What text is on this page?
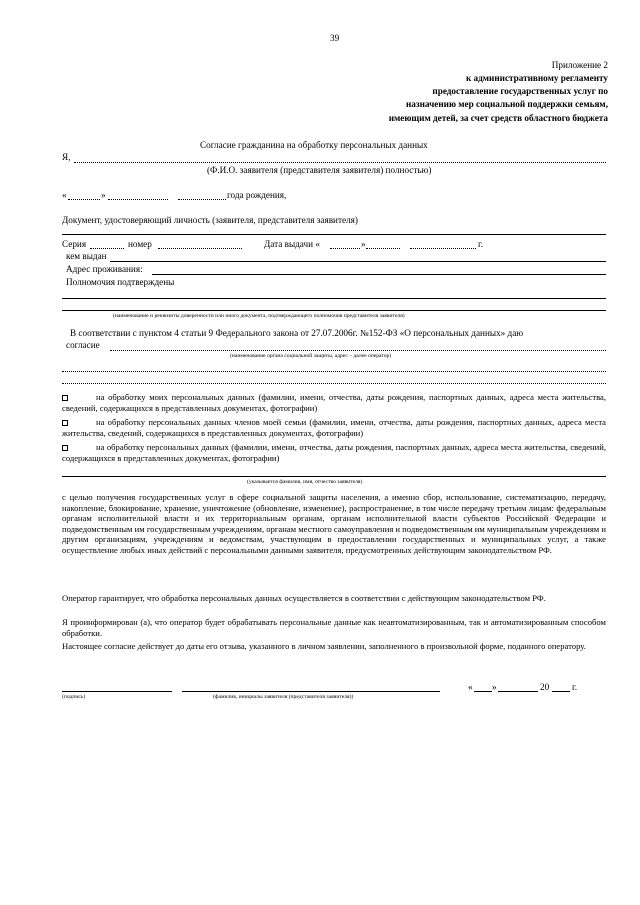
39
Приложение 2
к административному регламенту
предоставление государственных услуг по
назначению мер социальной поддержки семьям,
имеющим детей, за счет средств областного бюджета
Согласие гражданина на обработку персональных данных
Я,
(Ф.И.О. заявителя (представителя заявителя) полностью)
«	»	года рождения,
Документ, удостоверяющий личность (заявителя, представителя заявителя)
Серия	номер	Дата выдачи «	»	г.
кем выдан
Адрес проживания:
Полномочия подтверждены
(наименование и реквизиты доверенности или иного документа, подтверждающего полномочия представителя заявителя)
В соответствии с пунктом 4 статьи 9 Федерального закона от 27.07.2006г. №152-ФЗ «О персональных данных» даю
согласие
(наименование органа социальной защиты, адрес – далее оператор)
на обработку моих персональных данных (фамилии, имени, отчества, даты рождения, паспортных данных, адреса места жительства, сведений, содержащихся в представленных документах, фотографии)
на обработку персональных данных членов моей семьи (фамилии, имени, отчества, даты рождения, паспортных данных, адреса места жительства, сведений, содержащихся в представленных документах, фотографии)
на обработку персональных данных (фамилии, имени, отчества, даты рождения, паспортных данных, адреса места жительства, сведений, содержащихся в представленных документах, фотографии)
(указывается фамилия, имя, отчество заявителя)
с целью получения государственных услуг в сфере социальной защиты населения, а именно сбор, использование, систематизацию, передачу, накопление, блокирование, хранение, уничтожение (обновление, изменение), распространение, в том числе передачу третьим лицам: федеральным органам исполнительной власти и их территориальным органам, органам исполнительной власти субъектов Российской Федерации и подведомственным им государственным учреждениям, органам местного самоуправления и подведомственным им муниципальным учреждениям и другим организациям, учреждениям и ведомствам, участвующим в предоставлении государственных и муниципальных услуг, а также осуществление любых иных действий с персональными данными заявителя, предусмотренных действующим законодательством РФ.
Оператор гарантирует, что обработка персональных данных осуществляется в соответствии с действующим законодательством РФ.
Я проинформирован (а), что оператор будет обрабатывать персональные данные как неавтоматизированным, так и автоматизированным способом обработки.
Настоящее согласие действует до даты его отзыва, указанного в личном заявлении, заполненного в произвольной форме, поданного оператору.
(подпись)	(фамилия, инициалы заявителя (представителя заявителя))
« »	20 г.
